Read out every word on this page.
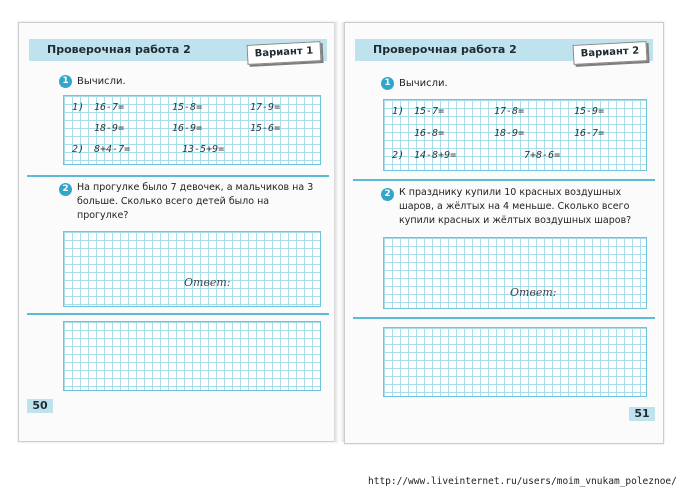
Проверочная работа 2	Вариант 1
1 Вычисли.
1) 16-7=	15-8=	17-9=
18-9=	16-9=	15-6=
2) 8+4-7=	13-5+9=
2 На прогулке было 7 девочек, а мальчиков на 3 больше. Сколько всего детей было на прогулке?
Ответ:
50
Проверочная работа 2	Вариант 2
1 Вычисли.
1) 15-7=	17-8=	15-9=
16-8=	18-9=	16-7=
2) 14-8+9=	7+8-6=
2 К празднику купили 10 красных воздушных шаров, а жёлтых на 4 меньше. Сколько всего купили красных и жёлтых воздушных шаров?
Ответ:
51
http://www.liveinternet.ru/users/moim_vnukam_poleznoe/
